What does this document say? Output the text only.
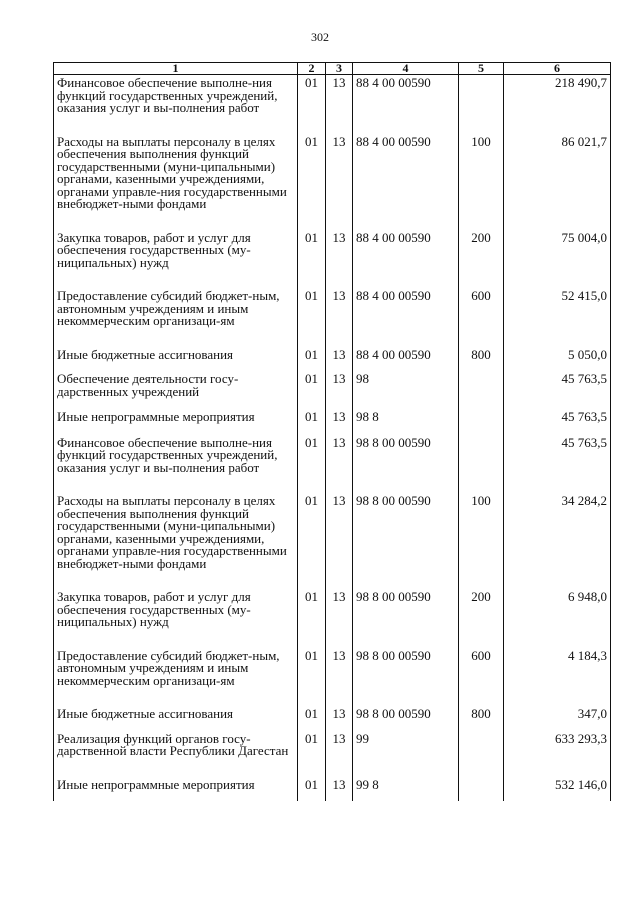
302
1	2	3	4	5	6
Финансовое обеспечение выполне-ния функций государственных учреждений, оказания услуг и вы-полнения работ	01	13	88 4 00 00590		218 490,7
Расходы на выплаты персоналу в целях обеспечения выполнения функций государственными (муни-ципальными) органами, казенными учреждениями, органами управле-ния государственными внебюджет-ными фондами	01	13	88 4 00 00590	100	86 021,7
Закупка товаров, работ и услуг для обеспечения государственных (му-ниципальных) нужд	01	13	88 4 00 00590	200	75 004,0
Предоставление субсидий бюджет-ным, автономным учреждениям и иным некоммерческим организаци-ям	01	13	88 4 00 00590	600	52 415,0
Иные бюджетные ассигнования	01	13	88 4 00 00590	800	5 050,0
Обеспечение деятельности госу-дарственных учреждений	01	13	98		45 763,5
Иные непрограммные мероприятия	01	13	98 8		45 763,5
Финансовое обеспечение выполне-ния функций государственных учреждений, оказания услуг и вы-полнения работ	01	13	98 8 00 00590		45 763,5
Расходы на выплаты персоналу в целях обеспечения выполнения функций государственными (муни-ципальными) органами, казенными учреждениями, органами управле-ния государственными внебюджет-ными фондами	01	13	98 8 00 00590	100	34 284,2
Закупка товаров, работ и услуг для обеспечения государственных (му-ниципальных) нужд	01	13	98 8 00 00590	200	6 948,0
Предоставление субсидий бюджет-ным, автономным учреждениям и иным некоммерческим организаци-ям	01	13	98 8 00 00590	600	4 184,3
Иные бюджетные ассигнования	01	13	98 8 00 00590	800	347,0
Реализация функций органов госу-дарственной власти Республики Дагестан	01	13	99		633 293,3
Иные непрограммные мероприятия	01	13	99 8		532 146,0
